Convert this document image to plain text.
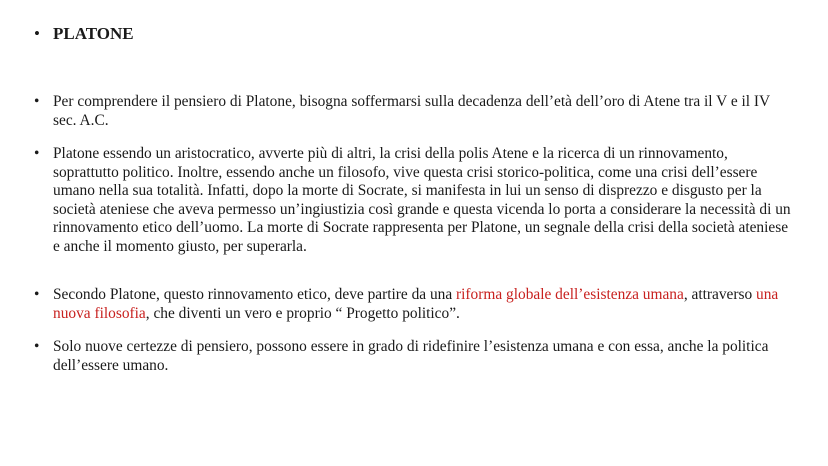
• PLATONE
• Per comprendere il pensiero di Platone, bisogna soffermarsi sulla decadenza dell’età dell’oro di Atene tra il V e il IV sec. A.C.
• Platone essendo un aristocratico, avverte più di altri, la crisi della polis Atene e la ricerca di un rinnovamento, soprattutto politico. Inoltre, essendo anche un filosofo, vive questa crisi storico-politica, come una crisi dell’essere umano nella sua totalità. Infatti, dopo la morte di Socrate, si manifesta in lui un senso di disprezzo e disgusto per la società ateniese che aveva permesso un’ingiustizia così grande e questa vicenda lo porta a considerare la necessità di un rinnovamento etico dell’uomo. La morte di Socrate rappresenta per Platone, un segnale della crisi della società ateniese e anche il momento giusto, per superarla.
• Secondo Platone, questo rinnovamento etico, deve partire da una riforma globale dell’esistenza umana, attraverso una nuova filosofia, che diventi un vero e proprio “ Progetto politico”.
• Solo nuove certezze di pensiero, possono essere in grado di ridefinire l’esistenza umana e con essa, anche la politica dell’essere umano.
